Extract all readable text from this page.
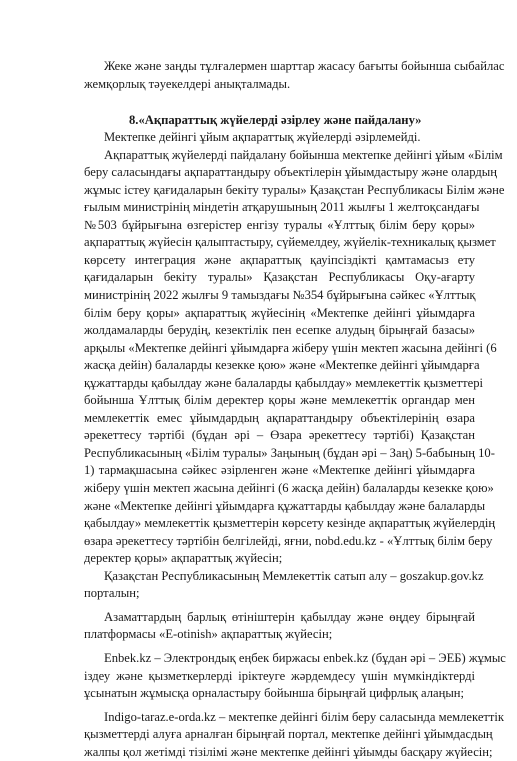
Жеке және заңды тұлғалермен шарттар жасасу бағыты бойынша сыбайлас
жемқорлық тәуекелдері анықталмады.
8.«Ақпараттық жүйелерді әзірлеу және пайдалану»
Мектепке дейінгі ұйым ақпараттық жүйелерді әзірлемейді.
Ақпараттық жүйелерді пайдалану бойынша мектепке дейінгі ұйым «Білім
беру саласындағы ақпараттандыру объектілерін ұйымдастыру және олардың
жұмыс істеу қағидаларын бекіту туралы» Қазақстан Республикасы Білім және
ғылым министрінің міндетін атқарушының 2011 жылғы 1 желтоқсандағы
№503 бұйрығына өзгерістер енгізу туралы «Ұлттық білім беру қоры»
ақпараттық жүйесін қалыптастыру, сүйемелдеу, жүйелік-техникалық қызмет
көрсету интеграция және ақпараттық қауіпсіздікті қамтамасыз ету
қағидаларын бекіту туралы» Қазақстан Республикасы Оқу-ағарту
министрінің 2022 жылғы 9 тамыздағы №354 бұйрығына сәйкес «Ұлттық
білім беру қоры» ақпараттық жүйесінің «Мектепке дейінгі ұйымдарға
жолдамаларды берудің, кезектілік пен есепке алудың бірыңғай базасы»
арқылы «Мектепке дейінгі ұйымдарға жіберу үшін мектеп жасына дейінгі (6
жасқа дейін) балаларды кезекке қою» және «Мектепке дейінгі ұйымдарға
құжаттарды қабылдау және балаларды қабылдау» мемлекеттік қызметтері
бойынша Ұлттық білім деректер қоры және мемлекеттік органдар мен
мемлекеттік емес ұйымдардың ақпараттандыру объектілерінің өзара
әрекеттесу тәртібі (бұдан әрі – Өзара әрекеттесу тәртібі) Қазақстан
Республикасының «Білім туралы» Заңының (бұдан әрі – Заң) 5-бабының 10-
1) тармақшасына сәйкес әзірленген және «Мектепке дейінгі ұйымдарға
жіберу үшін мектеп жасына дейінгі (6 жасқа дейін) балаларды кезекке қою»
және «Мектепке дейінгі ұйымдарға құжаттарды қабылдау және балаларды
қабылдау» мемлекеттік қызметтерін көрсету кезінде ақпараттық жүйелердің
өзара әрекеттесу тәртібін белгілейді, яғни, nobd.edu.kz - «Ұлттық білім беру
деректер қоры» ақпараттық жүйесін;
Қазақстан Республикасының Мемлекеттік сатып алу – goszakup.gov.kz
порталын;
Азаматтардың барлық өтініштерін қабылдау және өңдеу бірыңғай
платформасы «E-otinish» ақпараттық жүйесін;
Enbek.kz – Электрондық еңбек биржасы enbek.kz (бұдан әрі – ЭЕБ) жұмыс
іздеу және қызметкерлерді іріктеуге жәрдемдесу үшін мүмкіндіктерді
ұсынатын жұмысқа орналастыру бойынша бірыңғай цифрлық алаңын;
Indigo-taraz.e-orda.kz – мектепке дейінгі білім беру саласында мемлекеттік
қызметтерді алуға арналған бірыңғай портал, мектепке дейінгі ұйымдасдың
жалпы қол жетімді тізілімі және мектепке дейінгі ұйымды басқару жүйесін;
